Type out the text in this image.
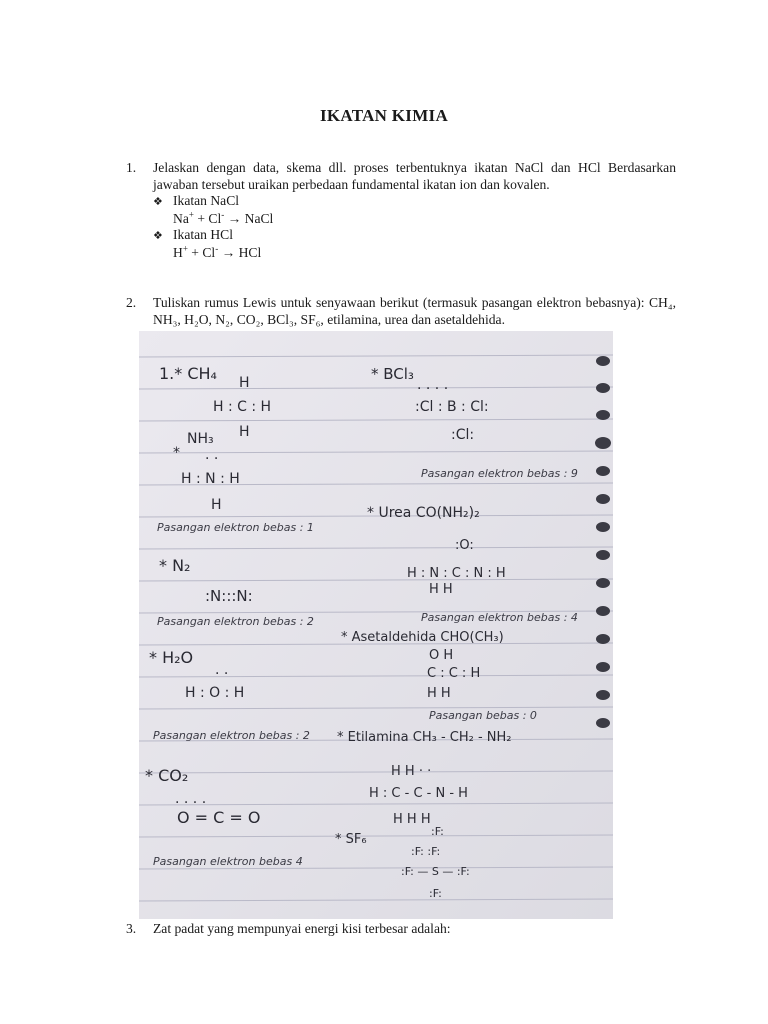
IKATAN KIMIA
1. Jelaskan dengan data, skema dll. proses terbentuknya ikatan NaCl dan HCl Berdasarkan jawaban tersebut uraikan perbedaan fundamental ikatan ion dan kovalen.
❖ Ikatan NaCl
Na+ + Cl- → NaCl
❖ Ikatan HCl
H+ + Cl- → HCl
2. Tuliskan rumus Lewis untuk senyawaan berikut (termasuk pasangan elektron bebasnya): CH₄, NH₃, H₂O, N₂, CO₂, BCl₃, SF₆, etilamina, urea dan asetaldehida.
1.* CH₄ H
H : C : H
H
NH₃
* · ·
H : N : H
H
Pasangan elektron bebas : 1
* N₂
:N:::N:
Pasangan elektron bebas : 2
* H₂O
· ·
H : O : H
Pasangan elektron bebas : 2
* CO₂
· · · ·
O = C = O
Pasangan elektron bebas 4
* BCl₃
· · · ·
:Cl : B : Cl:
:Cl:
Pasangan elektron bebas : 9
* Urea CO(NH₂)₂
:O:
H : N : C : N : H
H H
Pasangan elektron bebas : 4
* Asetaldehida CHO(CH₃)
O H
C : C : H
H H
Pasangan bebas : 0
* Etilamina CH₃ - CH₂ - NH₂
H H · ·
H : C - C - N - H
H H H
* SF₆
:F:
:F: :F:
:F: — S — :F:
:F:
3. Zat padat yang mempunyai energi kisi terbesar adalah:
